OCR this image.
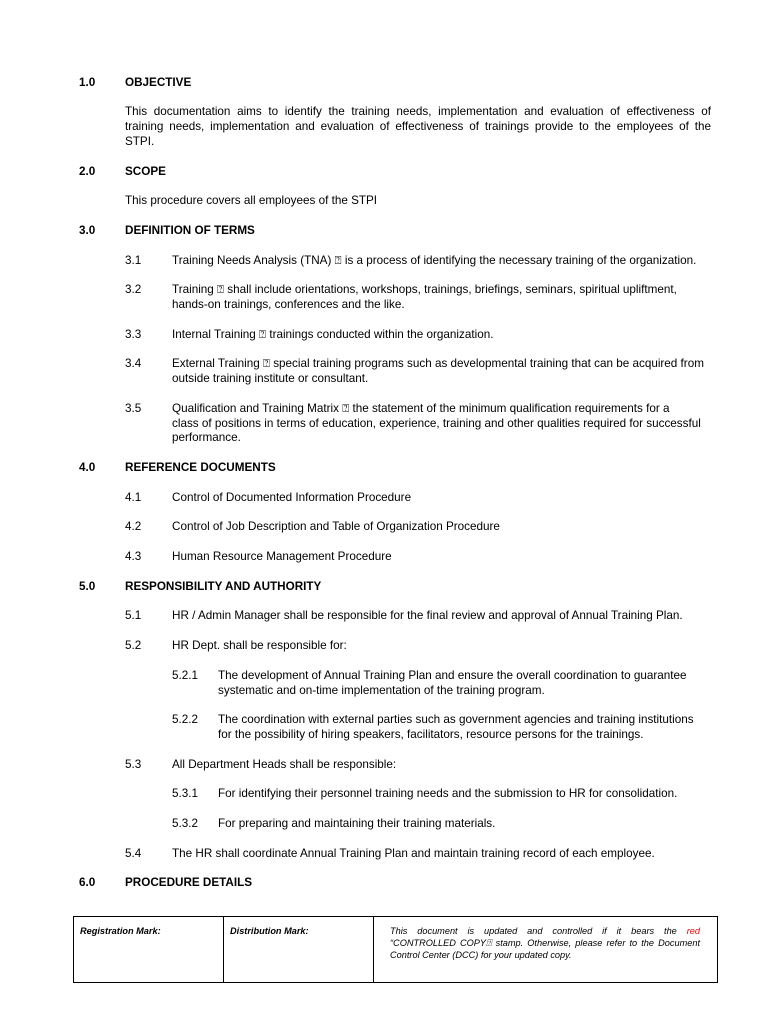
1.0	OBJECTIVE
This documentation aims to identify the training needs, implementation and evaluation of effectiveness of
training needs, implementation and evaluation of effectiveness of trainings provide to the employees of the
STPI.
2.0	SCOPE
This procedure covers all employees of the STPI
3.0	DEFINITION OF TERMS
3.1	Training Needs Analysis (TNA) ⍰ is a process of identifying the necessary training of the organization.
3.2	Training ⍰ shall include orientations, workshops, trainings, briefings, seminars, spiritual upliftment,
hands-on trainings, conferences and the like.
3.3	Internal Training ⍰ trainings conducted within the organization.
3.4	External Training ⍰ special training programs such as developmental training that can be acquired from
outside training institute or consultant.
3.5	Qualification and Training Matrix ⍰ the statement of the minimum qualification requirements for a
class of positions in terms of education, experience, training and other qualities required for successful
performance.
4.0	REFERENCE DOCUMENTS
4.1	Control of Documented Information Procedure
4.2	Control of Job Description and Table of Organization Procedure
4.3	Human Resource Management Procedure
5.0	RESPONSIBILITY AND AUTHORITY
5.1	HR / Admin Manager shall be responsible for the final review and approval of Annual Training Plan.
5.2	HR Dept. shall be responsible for:
5.2.1 The development of Annual Training Plan and ensure the overall coordination to guarantee
systematic and on-time implementation of the training program.
5.2.2 The coordination with external parties such as government agencies and training institutions
for the possibility of hiring speakers, facilitators, resource persons for the trainings.
5.3	All Department Heads shall be responsible:
5.3.1 For identifying their personnel training needs and the submission to HR for consolidation.
5.3.2 For preparing and maintaining their training materials.
5.4	The HR shall coordinate Annual Training Plan and maintain training record of each employee.
6.0	PROCEDURE DETAILS
Registration Mark:	Distribution Mark:	This document is updated and controlled if it bears the red
“CONTROLLED COPY⍰ stamp. Otherwise, please refer to the Document
Control Center (DCC) for your updated copy.
